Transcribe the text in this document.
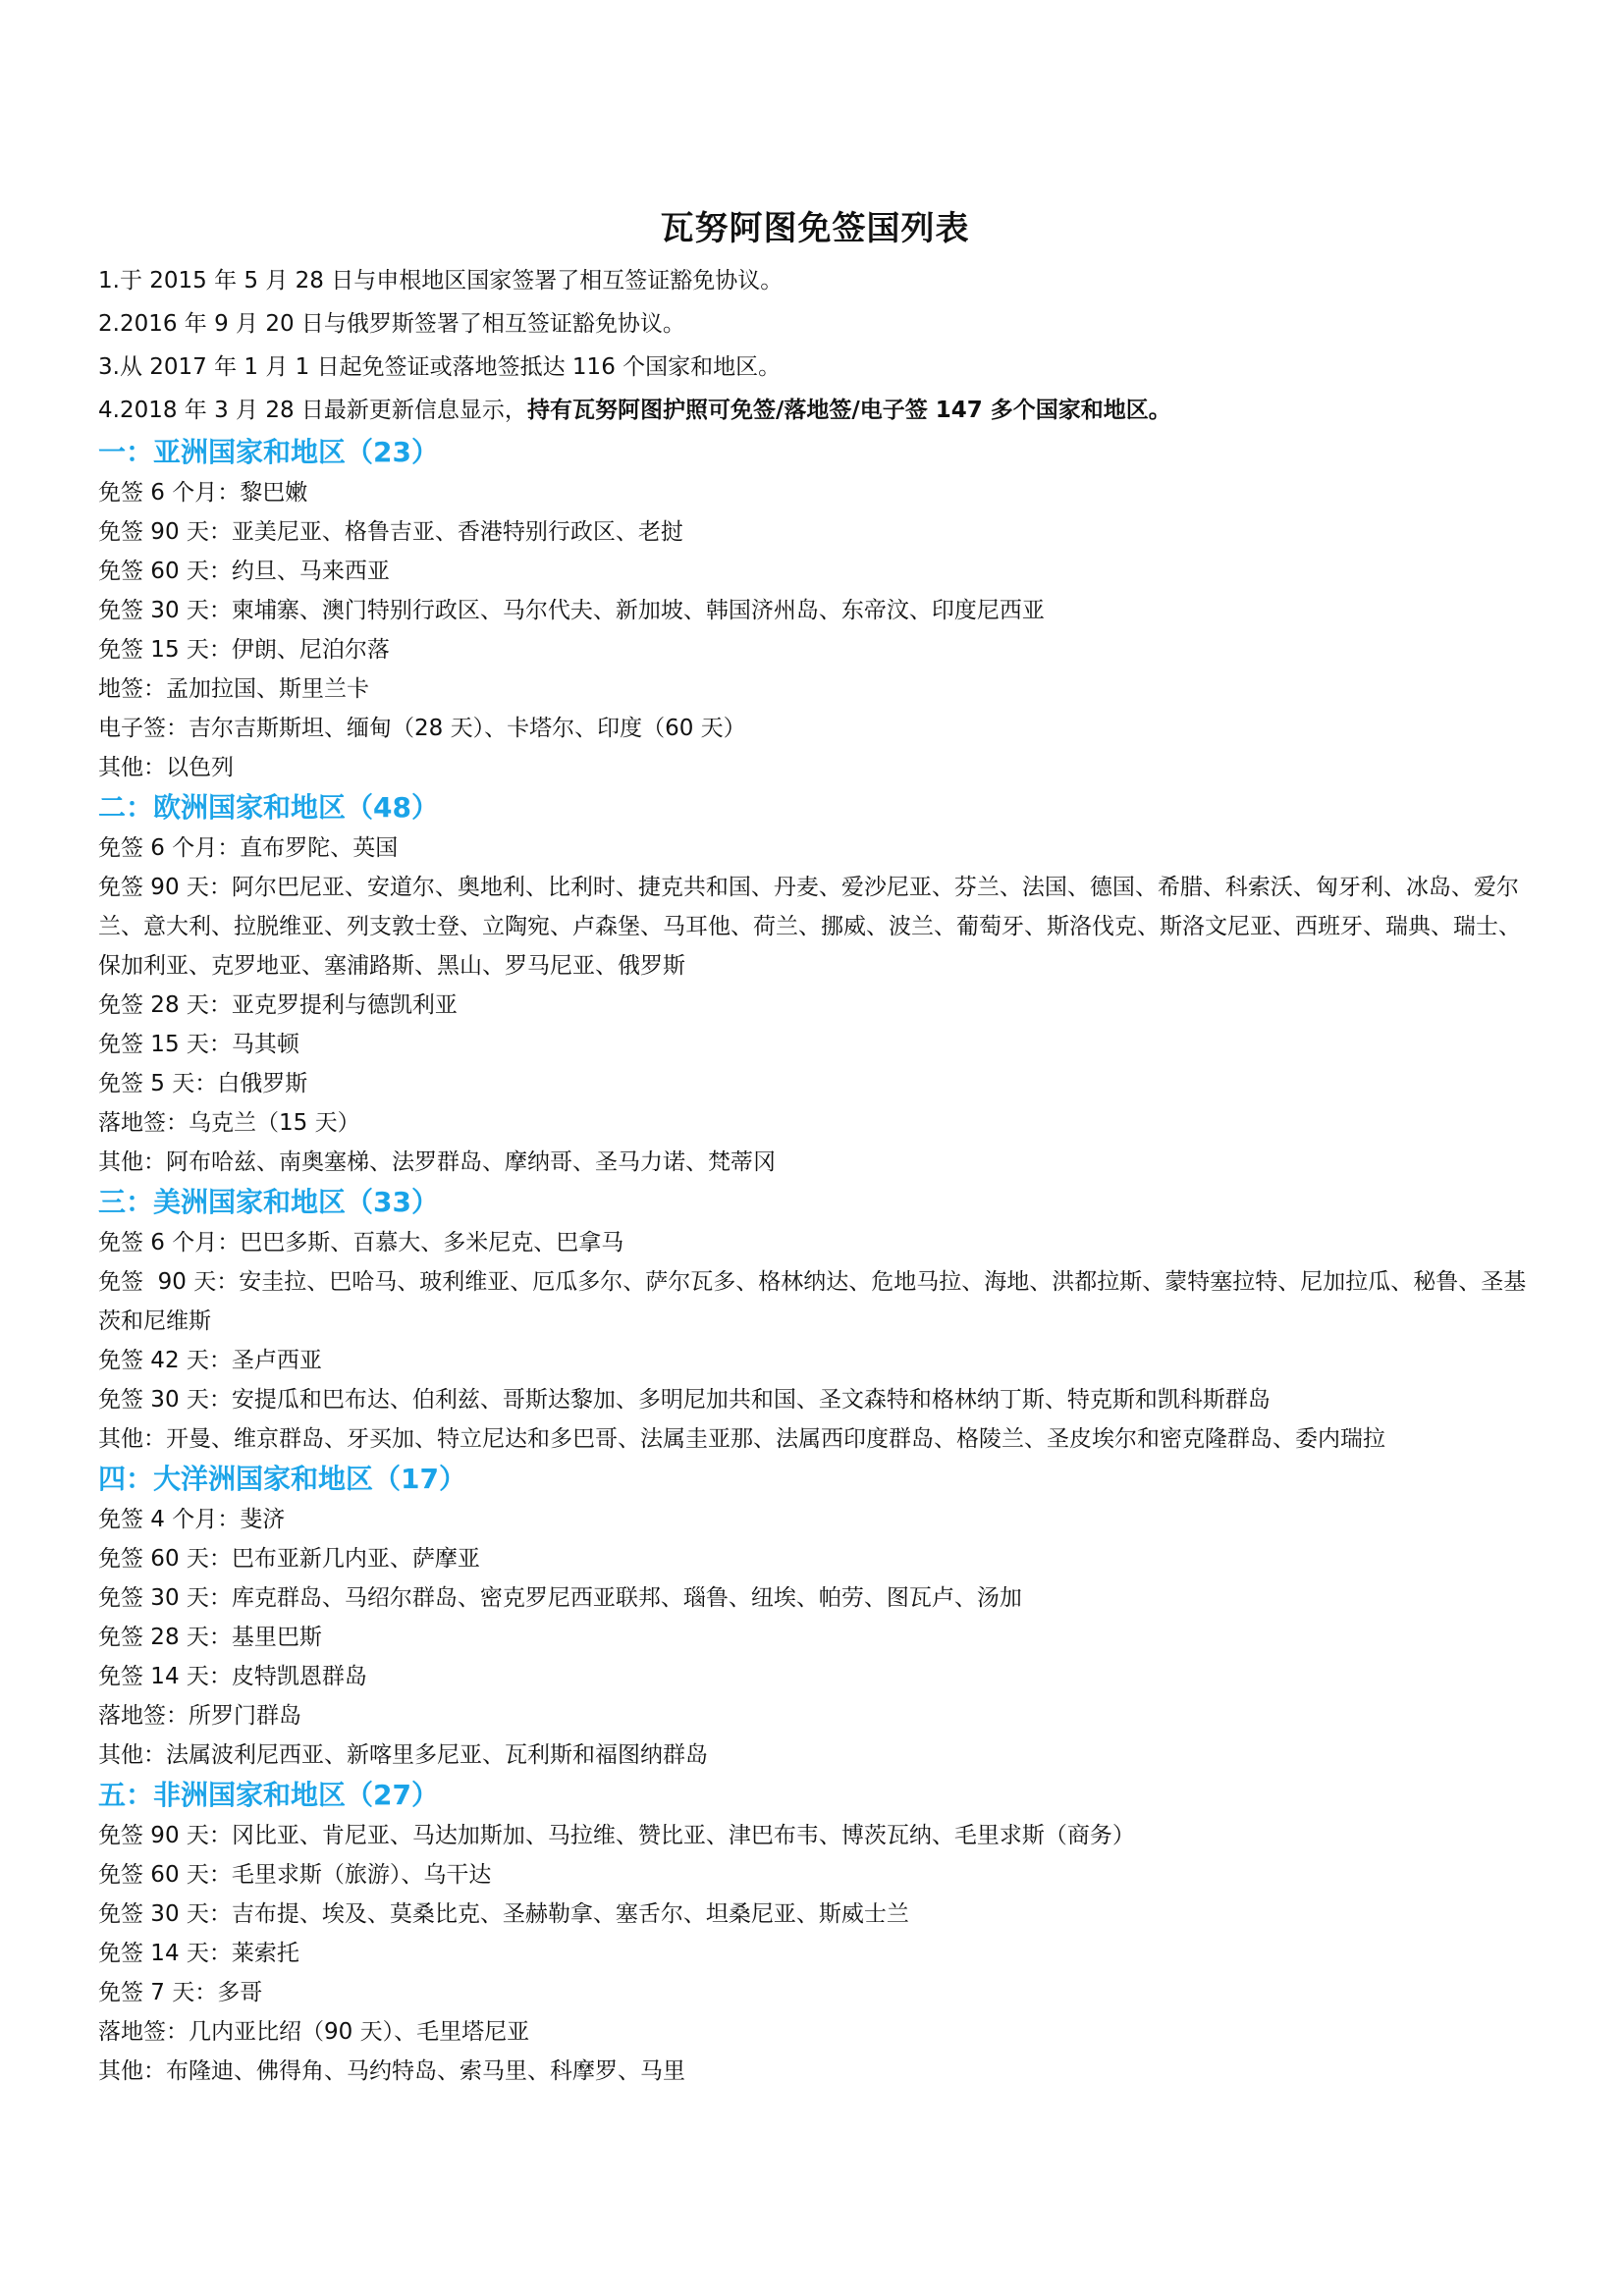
瓦努阿图免签国列表

1.于 2015 年 5 月 28 日与申根地区国家签署了相互签证豁免协议。

2.2016 年 9 月 20 日与俄罗斯签署了相互签证豁免协议。

3.从 2017 年 1 月 1 日起免签证或落地签抵达 116 个国家和地区。

4.2018 年 3 月 28 日最新更新信息显示，持有瓦努阿图护照可免签/落地签/电子签 147 多个国家和地区。

一：亚洲国家和地区（23）

免签 6 个月：黎巴嫩

免签 90 天：亚美尼亚、格鲁吉亚、香港特别行政区、老挝

免签 60 天：约旦、马来西亚

免签 30 天：柬埔寨、澳门特别行政区、马尔代夫、新加坡、韩国济州岛、东帝汶、印度尼西亚

免签 15 天：伊朗、尼泊尔落

地签：孟加拉国、斯里兰卡

电子签：吉尔吉斯斯坦、缅甸（28 天）、卡塔尔、印度（60 天）

其他：以色列

二：欧洲国家和地区（48）

免签 6 个月：直布罗陀、英国

免签 90 天：阿尔巴尼亚、安道尔、奥地利、比利时、捷克共和国、丹麦、爱沙尼亚、芬兰、法国、德国、希腊、科索沃、匈牙利、冰岛、爱尔兰、意大利、拉脱维亚、列支敦士登、立陶宛、卢森堡、马耳他、荷兰、挪威、波兰、葡萄牙、斯洛伐克、斯洛文尼亚、西班牙、瑞典、瑞士、保加利亚、克罗地亚、塞浦路斯、黑山、罗马尼亚、俄罗斯

免签 28 天：亚克罗提利与德凯利亚

免签 15 天：马其顿

免签 5 天：白俄罗斯

落地签：乌克兰（15 天）

其他：阿布哈兹、南奥塞梯、法罗群岛、摩纳哥、圣马力诺、梵蒂冈

三：美洲国家和地区（33）

免签 6 个月：巴巴多斯、百慕大、多米尼克、巴拿马

免签  90 天：安圭拉、巴哈马、玻利维亚、厄瓜多尔、萨尔瓦多、格林纳达、危地马拉、海地、洪都拉斯、蒙特塞拉特、尼加拉瓜、秘鲁、圣基茨和尼维斯

免签 42 天：圣卢西亚

免签 30 天：安提瓜和巴布达、伯利兹、哥斯达黎加、多明尼加共和国、圣文森特和格林纳丁斯、特克斯和凯科斯群岛

其他：开曼、维京群岛、牙买加、特立尼达和多巴哥、法属圭亚那、法属西印度群岛、格陵兰、圣皮埃尔和密克隆群岛、委内瑞拉

四：大洋洲国家和地区（17）

免签 4 个月：斐济

免签 60 天：巴布亚新几内亚、萨摩亚

免签 30 天：库克群岛、马绍尔群岛、密克罗尼西亚联邦、瑙鲁、纽埃、帕劳、图瓦卢、汤加

免签 28 天：基里巴斯

免签 14 天：皮特凯恩群岛

落地签：所罗门群岛

其他：法属波利尼西亚、新喀里多尼亚、瓦利斯和福图纳群岛

五：非洲国家和地区（27）

免签 90 天：冈比亚、肯尼亚、马达加斯加、马拉维、赞比亚、津巴布韦、博茨瓦纳、毛里求斯（商务）

免签 60 天：毛里求斯（旅游）、乌干达

免签 30 天：吉布提、埃及、莫桑比克、圣赫勒拿、塞舌尔、坦桑尼亚、斯威士兰

免签 14 天：莱索托

免签 7 天：多哥

落地签：几内亚比绍（90 天）、毛里塔尼亚

其他：布隆迪、佛得角、马约特岛、索马里、科摩罗、马里
